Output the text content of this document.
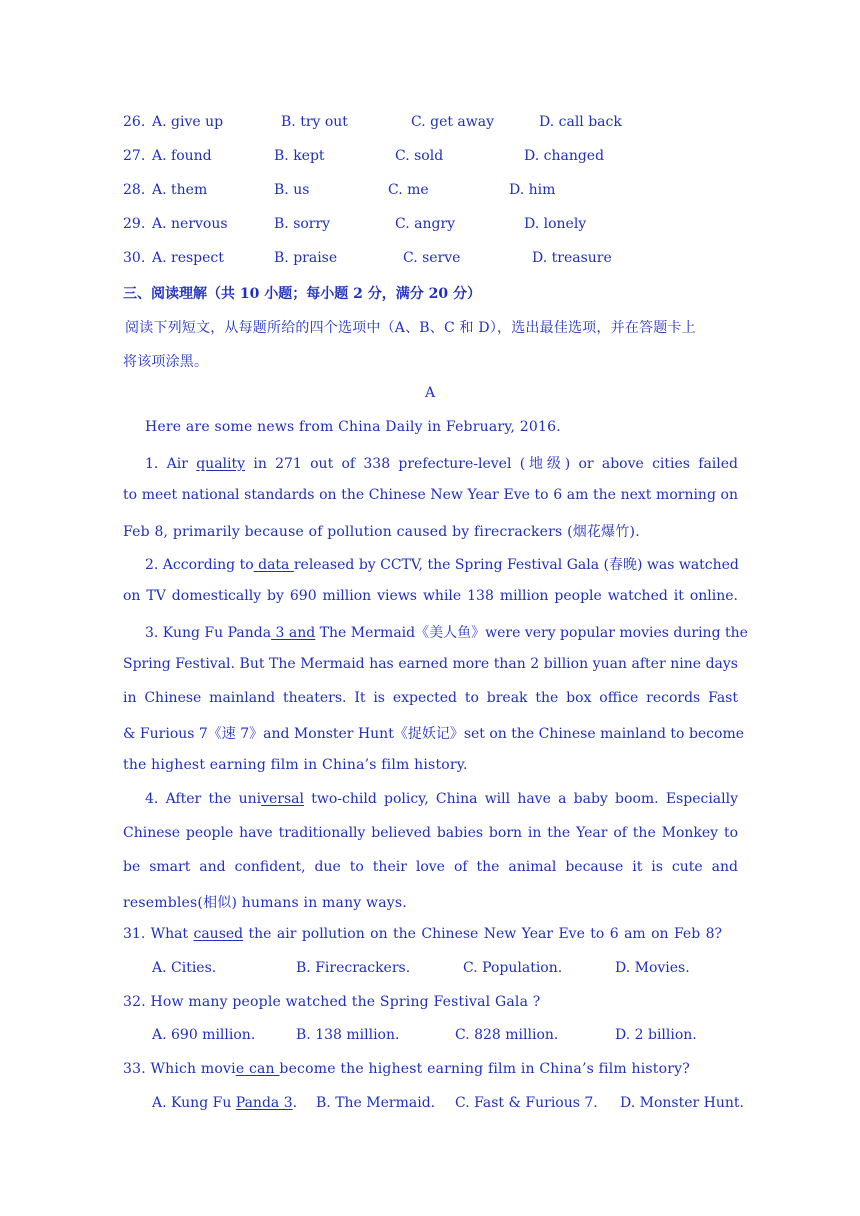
26. A. give up	B. try out	C. get away	D. call back
27. A. found	B. kept	C. sold	D. changed
28. A. them	B. us	C. me	D. him
29. A. nervous	B. sorry	C. angry	D. lonely
30. A. respect	B. praise	C. serve	D. treasure
三、阅读理解（共 10 小题；每小题 2 分，满分 20 分）
阅读下列短文，从每题所给的四个选项中（A、B、C 和 D），选出最佳选项，并在答题卡上
将该项涂黑。
A
Here are some news from China Daily in February, 2016.
1. Air quality in 271 out of 338 prefecture-level (地级) or above cities failed
to meet national standards on the Chinese New Year Eve to 6 am the next morning on
Feb 8, primarily because of pollution caused by firecrackers (烟花爆竹).
2. According to data released by CCTV, the Spring Festival Gala (春晚) was watched
on TV domestically by 690 million views while 138 million people watched it online.
3. Kung Fu Panda 3 and The Mermaid《美人鱼》were very popular movies during the
Spring Festival. But The Mermaid has earned more than 2 billion yuan after nine days
in Chinese mainland theaters. It is expected to break the box office records Fast
& Furious 7《速 7》and Monster Hunt《捉妖记》set on the Chinese mainland to become
the highest earning film in China’s film history.
4. After the universal two-child policy, China will have a baby boom. Especially
Chinese people have traditionally believed babies born in the Year of the Monkey to
be smart and confident, due to their love of the animal because it is cute and
resembles(相似) humans in many ways.
31. What caused the air pollution on the Chinese New Year Eve to 6 am on Feb 8?
A. Cities.	B. Firecrackers.	C. Population.	D. Movies.
32. How many people watched the Spring Festival Gala ?
A. 690 million.	B. 138 million.	C. 828 million.	D. 2 billion.
33. Which movie can become the highest earning film in China’s film history?
A. Kung Fu Panda 3. B. The Mermaid. C. Fast & Furious 7. D. Monster Hunt.
